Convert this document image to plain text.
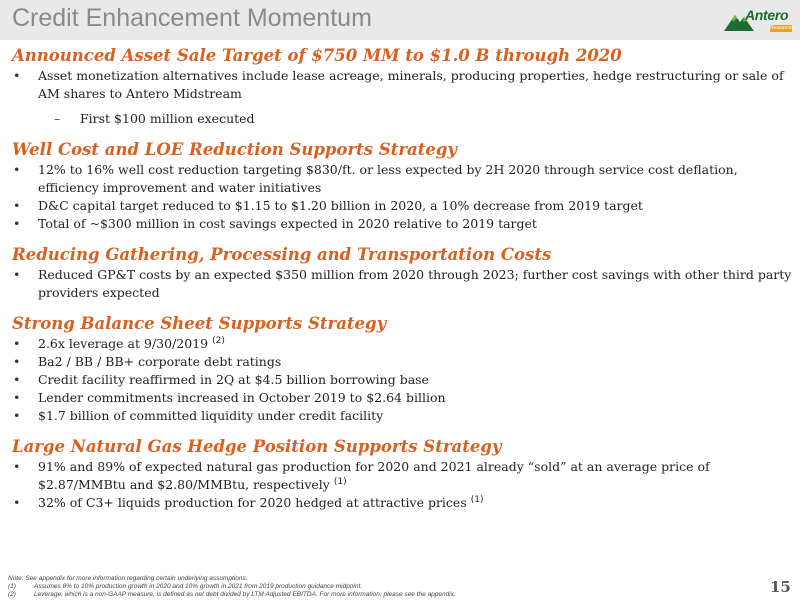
Credit Enhancement Momentum	Antero
Resources
Announced Asset Sale Target of $750 MM to $1.0 B through 2020
• Asset monetization alternatives include lease acreage, minerals, producing properties, hedge restructuring or sale of AM shares to Antero Midstream
– First $100 million executed
Well Cost and LOE Reduction Supports Strategy
• 12% to 16% well cost reduction targeting $830/ft. or less expected by 2H 2020 through service cost deflation, efficiency improvement and water initiatives
• D&C capital target reduced to $1.15 to $1.20 billion in 2020, a 10% decrease from 2019 target
• Total of ~$300 million in cost savings expected in 2020 relative to 2019 target
Reducing Gathering, Processing and Transportation Costs
• Reduced GP&T costs by an expected $350 million from 2020 through 2023; further cost savings with other third party providers expected
Strong Balance Sheet Supports Strategy
• 2.6x leverage at 9/30/2019 $^{(2)}$
• Ba2 / BB / BB+ corporate debt ratings
• Credit facility reaffirmed in 2Q at $4.5 billion borrowing base
• Lender commitments increased in October 2019 to $2.64 billion
• $1.7 billion of committed liquidity under credit facility
Large Natural Gas Hedge Position Supports Strategy
• 91% and 89% of expected natural gas production for 2020 and 2021 already “sold” at an average price of $2.87/MMBtu and $2.80/MMBtu, respectively $^{(1)}$
• 32% of C3+ liquids production for 2020 hedged at attractive prices $^{(1)}$
Note: See appendix for more information regarding certain underlying assumptions.
(1)	Assumes 8% to 10% production growth in 2020 and 10% growth in 2021 from 2019 production guidance midpoint.
(2)	Leverage, which is a non-GAAP measure, is defined as net debt divided by LTM Adjusted EBITDA. For more information, please see the appendix.	15
